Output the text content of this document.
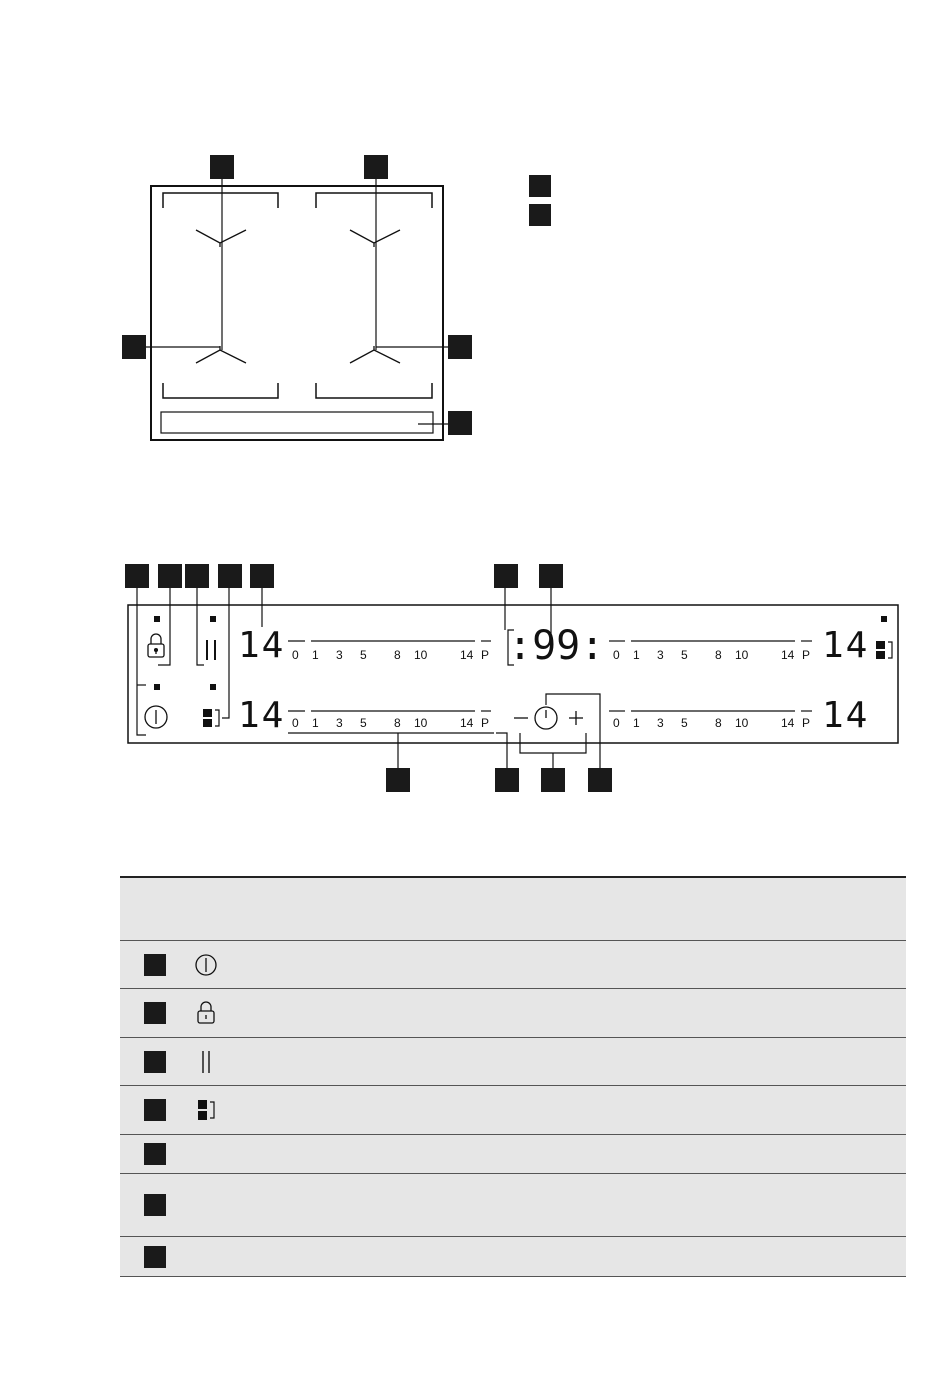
0 1 3 5 8 10	14 P	0 1 3 5 8 10	14 P
0 1 3 5 8 10	14 P	0 1 3 5 8 10	14 P
14
14
14
14
:99:
